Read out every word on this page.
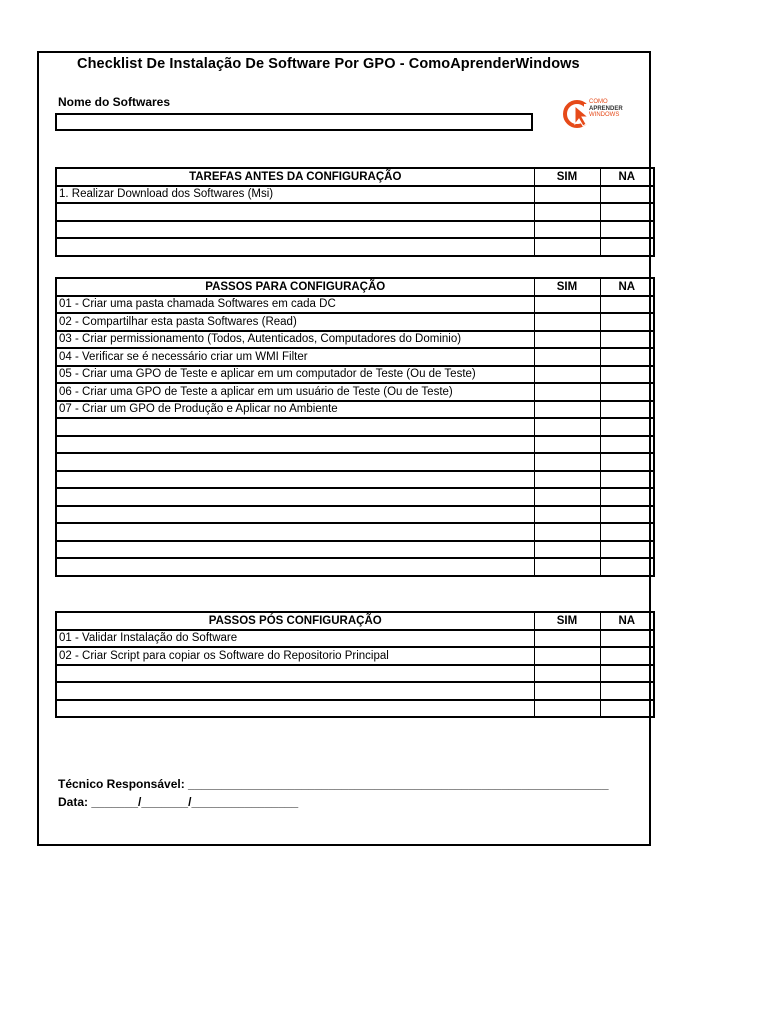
Checklist De Instalação De Software Por GPO - ComoAprenderWindows
Nome do Softwares	COMO
APRENDER
WINDOWS
TAREFAS ANTES DA CONFIGURAÇÃO	SIM	NA
1. Realizar Download dos Softwares (Msi)		

PASSOS PARA CONFIGURAÇÃO	SIM	NA
01 - Criar uma pasta chamada Softwares em cada DC		
02 - Compartilhar esta pasta Softwares (Read)		
03 - Criar permissionamento (Todos, Autenticados, Computadores do Dominio)		
04 - Verificar se é necessário criar um WMI Filter		
05 - Criar uma GPO de Teste e aplicar em um computador de Teste (Ou de Teste)		
06 - Criar uma GPO de Teste a aplicar em um usuário de Teste (Ou de Teste)		
07 - Criar um GPO de Produção e Aplicar no Ambiente		

PASSOS PÓS CONFIGURAÇÃO	SIM	NA
01 - Validar Instalação do Software		
02 - Criar Script para copiar os Software do Repositorio Principal		

Técnico Responsável: _______________________________________________________________
Data: _______/_______/________________
